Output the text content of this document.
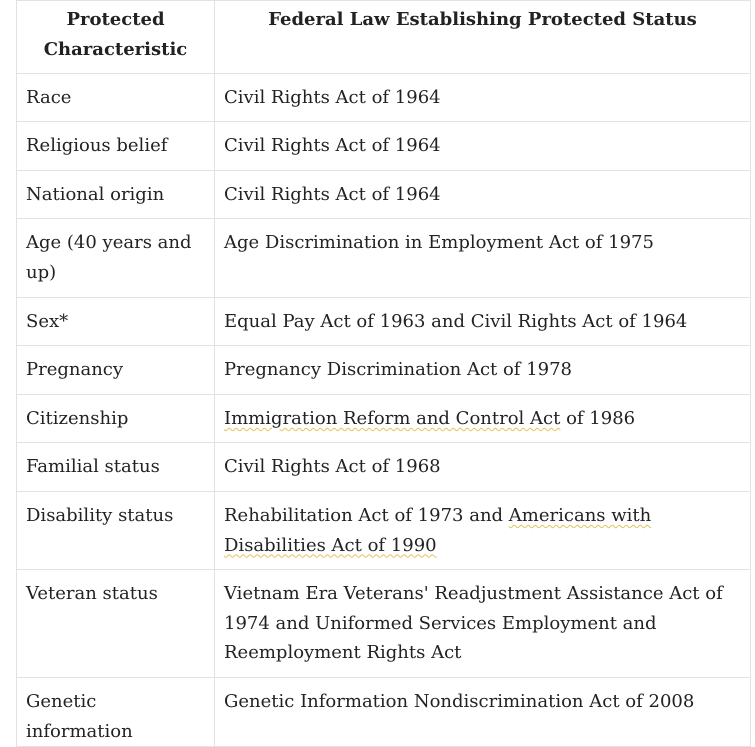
Protected Characteristic	Federal Law Establishing Protected Status
Race	Civil Rights Act of 1964
Religious belief	Civil Rights Act of 1964
National origin	Civil Rights Act of 1964
Age (40 years and up)	Age Discrimination in Employment Act of 1975
Sex*	Equal Pay Act of 1963 and Civil Rights Act of 1964
Pregnancy	Pregnancy Discrimination Act of 1978
Citizenship	Immigration Reform and Control Act of 1986
Familial status	Civil Rights Act of 1968
Disability status	Rehabilitation Act of 1973 and Americans with Disabilities Act of 1990
Veteran status	Vietnam Era Veterans' Readjustment Assistance Act of 1974 and Uniformed Services Employment and Reemployment Rights Act
Genetic information	Genetic Information Nondiscrimination Act of 2008
